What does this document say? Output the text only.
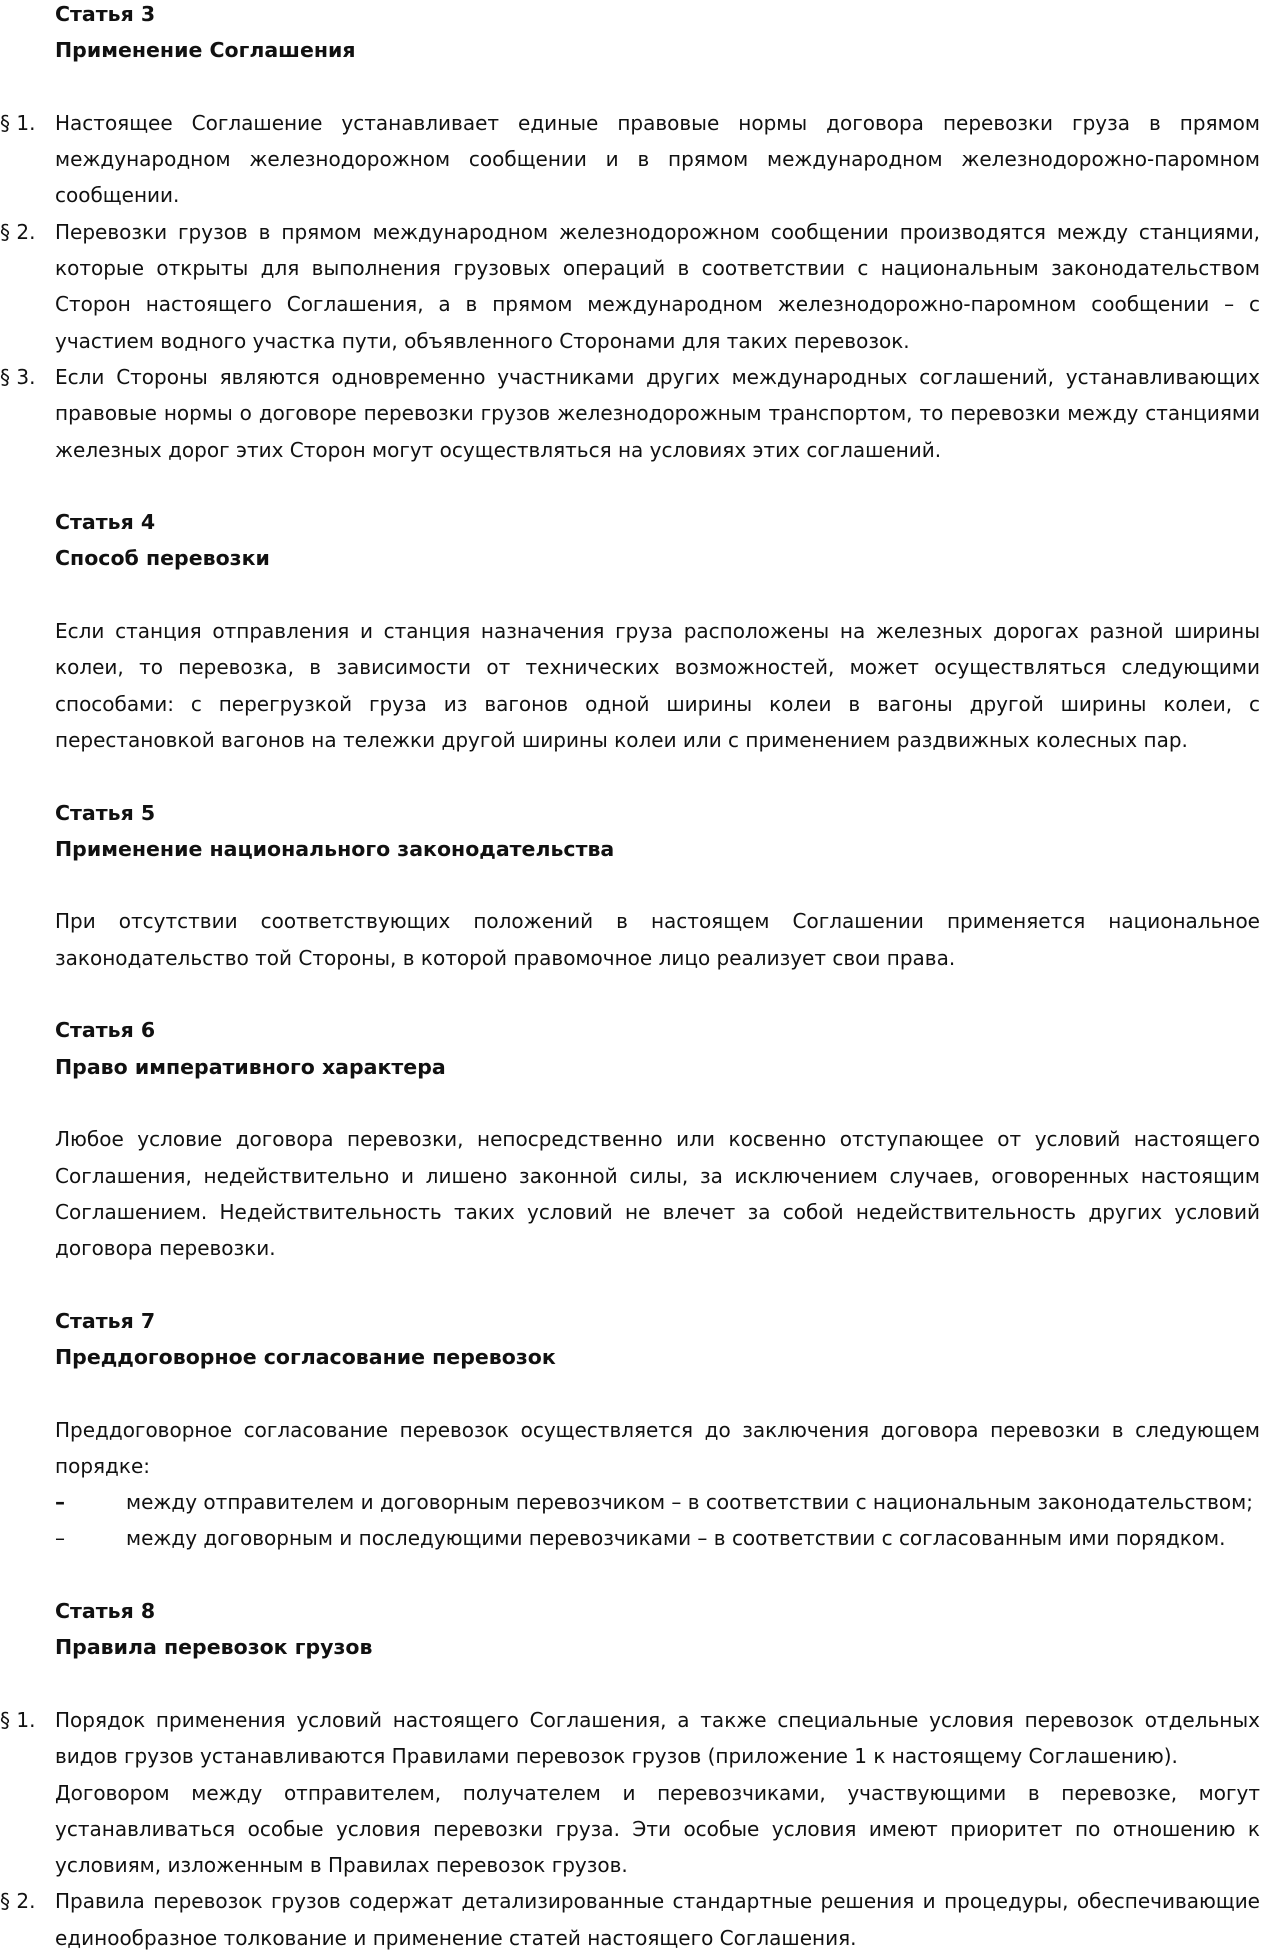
Статья 3
Применение Соглашения
§ 1. Настоящее Соглашение устанавливает единые правовые нормы договора перевозки груза в прямом международном железнодорожном сообщении и в прямом международном железнодорожно-паромном сообщении.
§ 2. Перевозки грузов в прямом международном железнодорожном сообщении производятся между станциями, которые открыты для выполнения грузовых операций в соответствии с национальным законодательством Сторон настоящего Соглашения, а в прямом международном железнодорожно-паромном сообщении – с участием водного участка пути, объявленного Сторонами для таких перевозок.
§ 3. Если Стороны являются одновременно участниками других международных соглашений, устанавливающих правовые нормы о договоре перевозки грузов железнодорожным транспортом, то перевозки между станциями железных дорог этих Сторон могут осуществляться на условиях этих соглашений.
Статья 4
Способ перевозки
Если станция отправления и станция назначения груза расположены на железных дорогах разной ширины колеи, то перевозка, в зависимости от технических возможностей, может осуществляться следующими способами: с перегрузкой груза из вагонов одной ширины колеи в вагоны другой ширины колеи, с перестановкой вагонов на тележки другой ширины колеи или с применением раздвижных колесных пар.
Статья 5
Применение национального законодательства
При отсутствии соответствующих положений в настоящем Соглашении применяется национальное законодательство той Стороны, в которой правомочное лицо реализует свои права.
Статья 6
Право императивного характера
Любое условие договора перевозки, непосредственно или косвенно отступающее от условий настоящего Соглашения, недействительно и лишено законной силы, за исключением случаев, оговоренных настоящим Соглашением. Недействительность таких условий не влечет за собой недействительность других условий договора перевозки.
Статья 7
Преддоговорное согласование перевозок
Преддоговорное согласование перевозок осуществляется до заключения договора перевозки в следующем порядке:
–	между отправителем и договорным перевозчиком – в соответствии с национальным законодательством;
–	между договорным и последующими перевозчиками – в соответствии с согласованным ими порядком.
Статья 8
Правила перевозок грузов
§ 1. Порядок применения условий настоящего Соглашения, а также специальные условия перевозок отдельных видов грузов устанавливаются Правилами перевозок грузов (приложение 1 к настоящему Соглашению).
Договором между отправителем, получателем и перевозчиками, участвующими в перевозке, могут устанавливаться особые условия перевозки груза. Эти особые условия имеют приоритет по отношению к условиям, изложенным в Правилах перевозок грузов.
§ 2. Правила перевозок грузов содержат детализированные стандартные решения и процедуры, обеспечивающие единообразное толкование и применение статей настоящего Соглашения.
